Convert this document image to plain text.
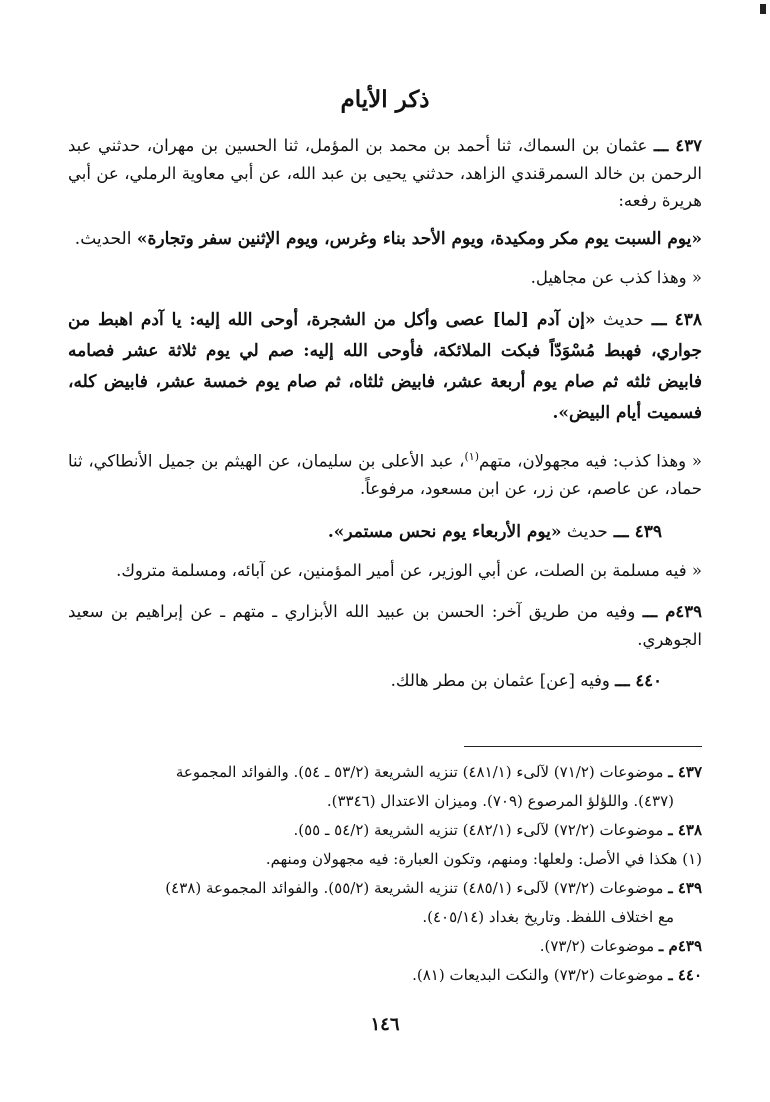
ذكر الأيام

٤٣٧ ـــ عثمان بن السماك، ثنا أحمد بن محمد بن المؤمل، ثنا الحسين بن مهران، حدثني عبد الرحمن بن خالد السمرقندي الزاهد، حدثني يحيى بن عبد الله، عن أبي معاوية الرملي، عن أبي هريرة رفعه:

«يوم السبت يوم مكر ومكيدة، ويوم الأحد بناء وغرس، ويوم الإثنين سفر وتجارة» الحديث.

« وهذا كذب عن مجاهيل.

٤٣٨ ـــ حديث «إن آدم [لما] عصى وأكل من الشجرة، أوحى الله إليه: يا آدم اهبط من جواري، فهبط مُسْوَدّاً فبكت الملائكة، فأوحى الله إليه: صم لي يوم ثلاثة عشر فصامه فابيض ثلثه ثم صام يوم أربعة عشر، فابيض ثلثاه، ثم صام يوم خمسة عشر، فابيض كله، فسميت أيام البيض».

« وهذا كذب: فيه مجهولان، متهم$^{(١)}$، عبد الأعلى بن سليمان، عن الهيثم بن جميل الأنطاكي، ثنا حماد، عن عاصم، عن زر، عن ابن مسعود، مرفوعاً.

٤٣٩ ـــ حديث «يوم الأربعاء يوم نحس مستمر».

« فيه مسلمة بن الصلت، عن أبي الوزير، عن أمير المؤمنين، عن آبائه، ومسلمة متروك.

٤٣٩م ـــ وفيه من طريق آخر: الحسن بن عبيد الله الأبزاري ـ متهم ـ عن إبراهيم بن سعيد الجوهري.

٤٤٠ ـــ وفيه [عن] عثمان بن مطر هالك.

٤٣٧ ـ موضوعات (٧١/٢) لآلىء (٤٨١/١) تنزيه الشريعة (٥٣/٢ ـ ٥٤). والفوائد المجموعة

(٤٣٧). واللؤلؤ المرصوع (٧٠٩). وميزان الاعتدال (٣٣٤٦).

٤٣٨ ـ موضوعات (٧٢/٢) لآلىء (٤٨٢/١) تنزيه الشريعة (٥٤/٢ ـ ٥٥).

(١) هكذا في الأصل: ولعلها: ومنهم، وتكون العبارة: فيه مجهولان ومنهم.

٤٣٩ ـ موضوعات (٧٣/٢) لآلىء (٤٨٥/١) تنزيه الشريعة (٥٥/٢). والفوائد المجموعة (٤٣٨)

مع اختلاف اللفظ. وتاريخ بغداد (٤٠٥/١٤).

٤٣٩م ـ موضوعات (٧٣/٢).

٤٤٠ ـ موضوعات (٧٣/٢) والنكت البديعات (٨١).

١٤٦
